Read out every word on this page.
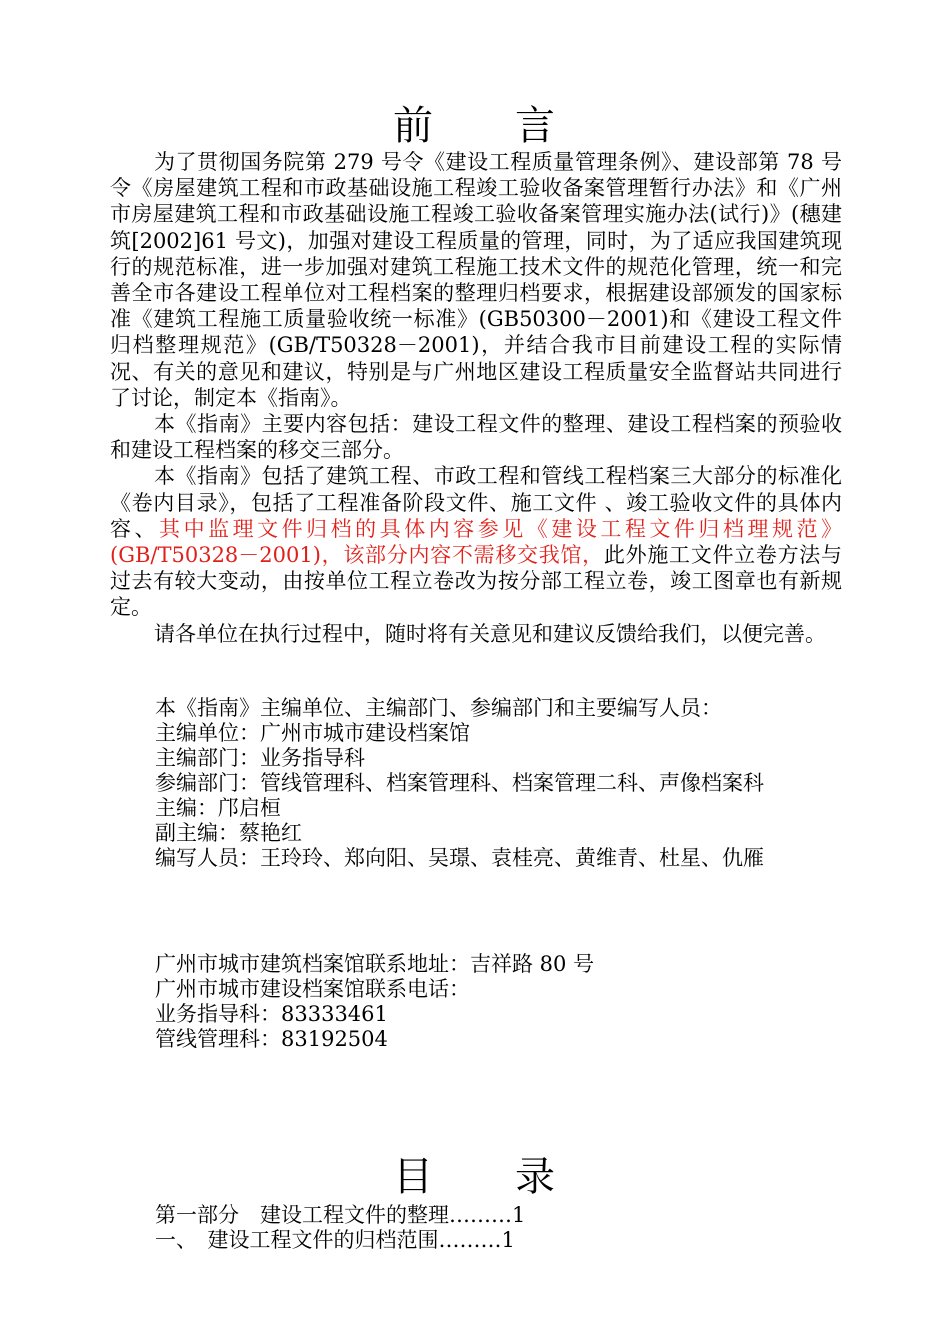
前 言

为了贯彻国务院第 279 号令《建设工程质量管理条例》、建设部第 78 号令《房屋建筑工程和市政基础设施工程竣工验收备案管理暂行办法》和《广州市房屋建筑工程和市政基础设施工程竣工验收备案管理实施办法(试行)》(穗建筑[2002]61 号文)，加强对建设工程质量的管理，同时，为了适应我国建筑现行的规范标准，进一步加强对建筑工程施工技术文件的规范化管理，统一和完善全市各建设工程单位对工程档案的整理归档要求，根据建设部颁发的国家标准《建筑工程施工质量验收统一标准》(GB50300－2001)和《建设工程文件归档整理规范》(GB/T50328－2001)，并结合我市目前建设工程的实际情况、有关的意见和建议，特别是与广州地区建设工程质量安全监督站共同进行了讨论，制定本《指南》。

本《指南》主要内容包括：建设工程文件的整理、建设工程档案的预验收和建设工程档案的移交三部分。

本《指南》包括了建筑工程、市政工程和管线工程档案三大部分的标准化《卷内目录》，包括了工程准备阶段文件、施工文件 、竣工验收文件的具体内容、其中监理文件归档的具体内容参见《建设工程文件归档理规范》(GB/T50328－2001)，该部分内容不需移交我馆，此外施工文件立卷方法与过去有较大变动，由按单位工程立卷改为按分部工程立卷，竣工图章也有新规定。

请各单位在执行过程中，随时将有关意见和建议反馈给我们，以便完善。

本《指南》主编单位、主编部门、参编部门和主要编写人员：
主编单位：广州市城市建设档案馆
主编部门：业务指导科
参编部门：管线管理科、档案管理科、档案管理二科、声像档案科
主编：邝启桓
副主编：蔡艳红
编写人员：王玲玲、郑向阳、吴璟、袁桂亮、黄维青、杜星、仇雁
广州市城市建筑档案馆联系地址：吉祥路 80 号
广州市城市建设档案馆联系电话：
业务指导科：83333461
管线管理科：83192504
目 录
第一部分　建设工程文件的整理………1
一、　建设工程文件的归档范围………1
